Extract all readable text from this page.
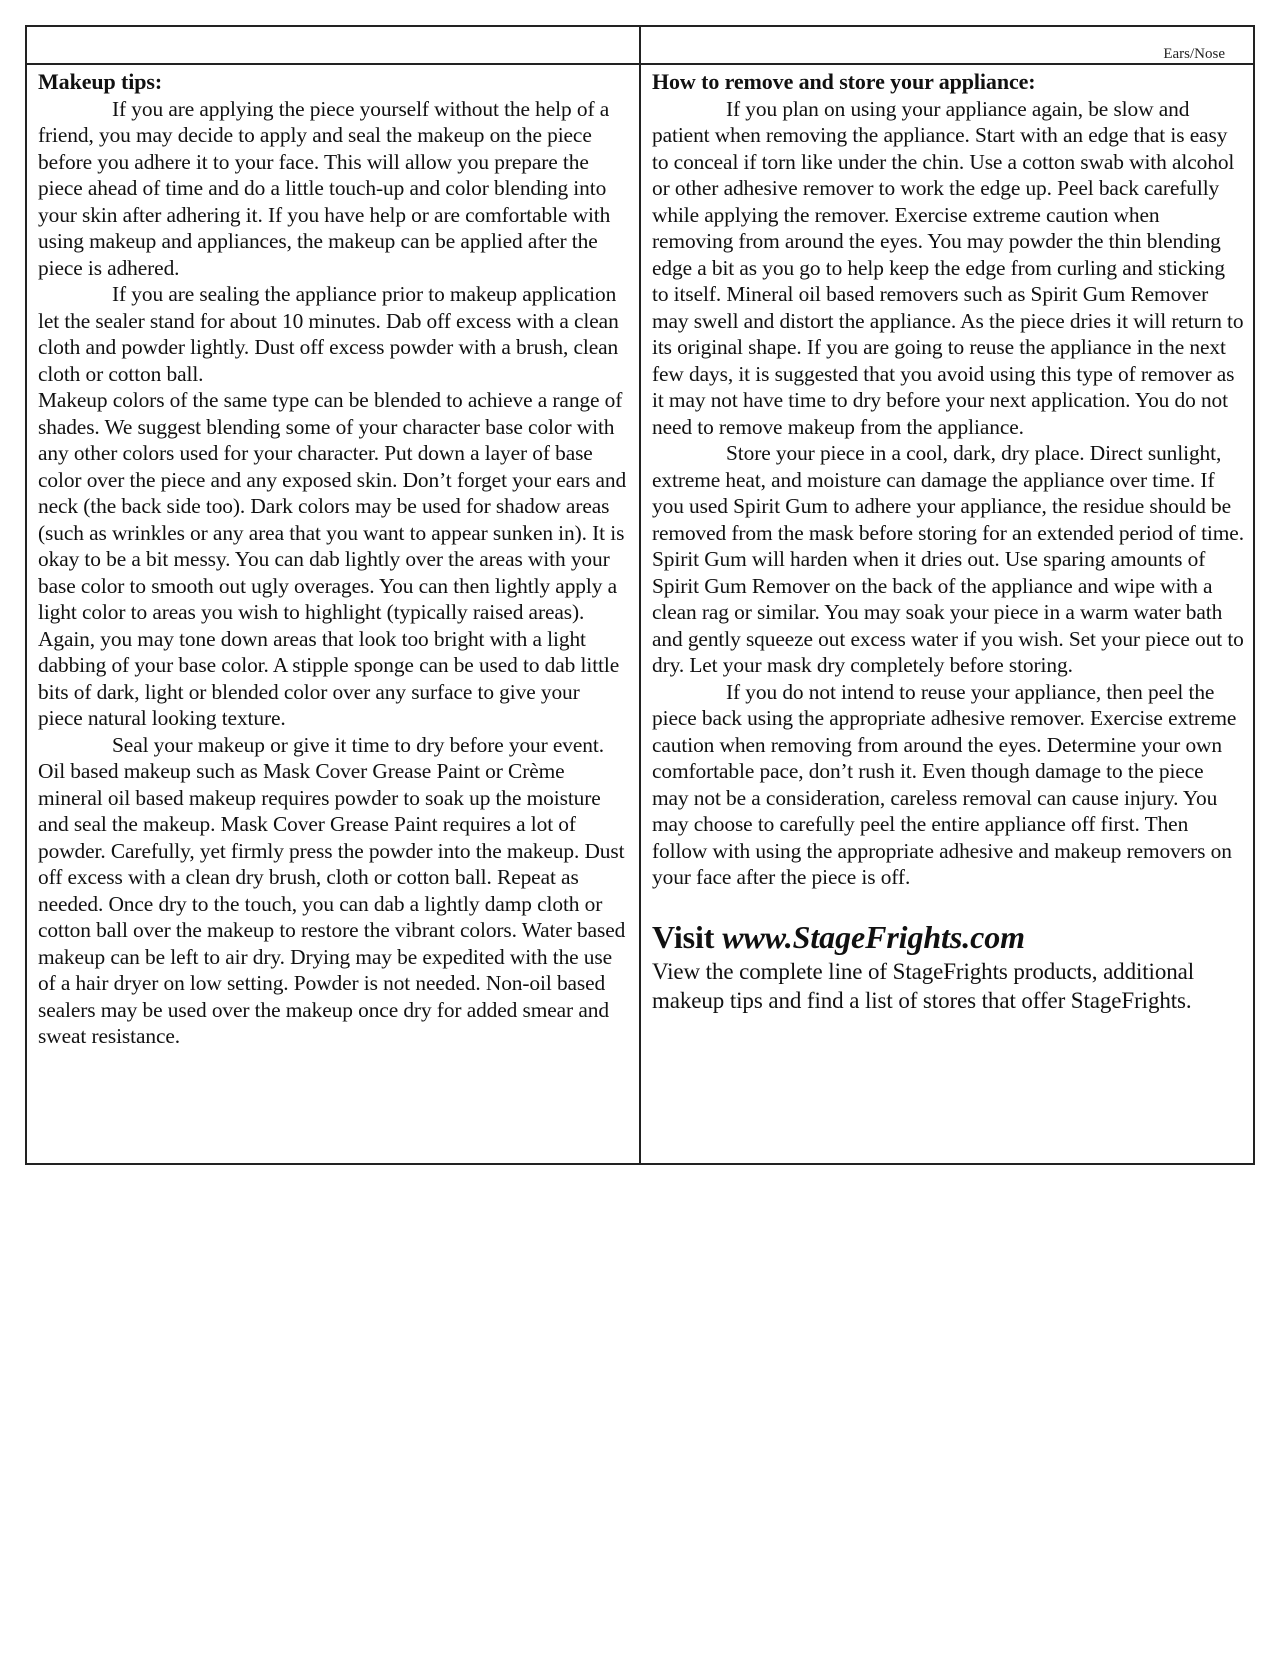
Makeup tips:

If you are applying the piece yourself without the help of a friend, you may decide to apply and seal the makeup on the piece before you adhere it to your face. This will allow you prepare the piece ahead of time and do a little touch-up and color blending into your skin after adhering it. If you have help or are comfortable with using makeup and appliances, the makeup can be applied after the piece is adhered.

If you are sealing the appliance prior to makeup application let the sealer stand for about 10 minutes. Dab off excess with a clean cloth and powder lightly. Dust off excess powder with a brush, clean cloth or cotton ball.

Makeup colors of the same type can be blended to achieve a range of shades. We suggest blending some of your character base color with any other colors used for your character. Put down a layer of base color over the piece and any exposed skin. Don’t forget your ears and neck (the back side too). Dark colors may be used for shadow areas (such as wrinkles or any area that you want to appear sunken in). It is okay to be a bit messy. You can dab lightly over the areas with your base color to smooth out ugly overages. You can then lightly apply a light color to areas you wish to highlight (typically raised areas). Again, you may tone down areas that look too bright with a light dabbing of your base color. A stipple sponge can be used to dab little bits of dark, light or blended color over any surface to give your piece natural looking texture.

Seal your makeup or give it time to dry before your event. Oil based makeup such as Mask Cover Grease Paint or Crème mineral oil based makeup requires powder to soak up the moisture and seal the makeup. Mask Cover Grease Paint requires a lot of powder. Carefully, yet firmly press the powder into the makeup. Dust off excess with a clean dry brush, cloth or cotton ball. Repeat as needed. Once dry to the touch, you can dab a lightly damp cloth or cotton ball over the makeup to restore the vibrant colors. Water based makeup can be left to air dry. Drying may be expedited with the use of a hair dryer on low setting. Powder is not needed. Non-oil based sealers may be used over the makeup once dry for added smear and sweat resistance.

Ears/Nose
How to remove and store your appliance:

If you plan on using your appliance again, be slow and patient when removing the appliance. Start with an edge that is easy to conceal if torn like under the chin. Use a cotton swab with alcohol or other adhesive remover to work the edge up. Peel back carefully while applying the remover. Exercise extreme caution when removing from around the eyes. You may powder the thin blending edge a bit as you go to help keep the edge from curling and sticking to itself. Mineral oil based removers such as Spirit Gum Remover may swell and distort the appliance. As the piece dries it will return to its original shape. If you are going to reuse the appliance in the next few days, it is suggested that you avoid using this type of remover as it may not have time to dry before your next application. You do not need to remove makeup from the appliance.

Store your piece in a cool, dark, dry place. Direct sunlight, extreme heat, and moisture can damage the appliance over time. If you used Spirit Gum to adhere your appliance, the residue should be removed from the mask before storing for an extended period of time. Spirit Gum will harden when it dries out. Use sparing amounts of Spirit Gum Remover on the back of the appliance and wipe with a clean rag or similar. You may soak your piece in a warm water bath and gently squeeze out excess water if you wish. Set your piece out to dry. Let your mask dry completely before storing.

If you do not intend to reuse your appliance, then peel the piece back using the appropriate adhesive remover. Exercise extreme caution when removing from around the eyes. Determine your own comfortable pace, don’t rush it. Even though damage to the piece may not be a consideration, careless removal can cause injury. You may choose to carefully peel the entire appliance off first. Then follow with using the appropriate adhesive and makeup removers on your face after the piece is off.

Visit www.StageFrights.com

View the complete line of StageFrights products, additional makeup tips and find a list of stores that offer StageFrights.
